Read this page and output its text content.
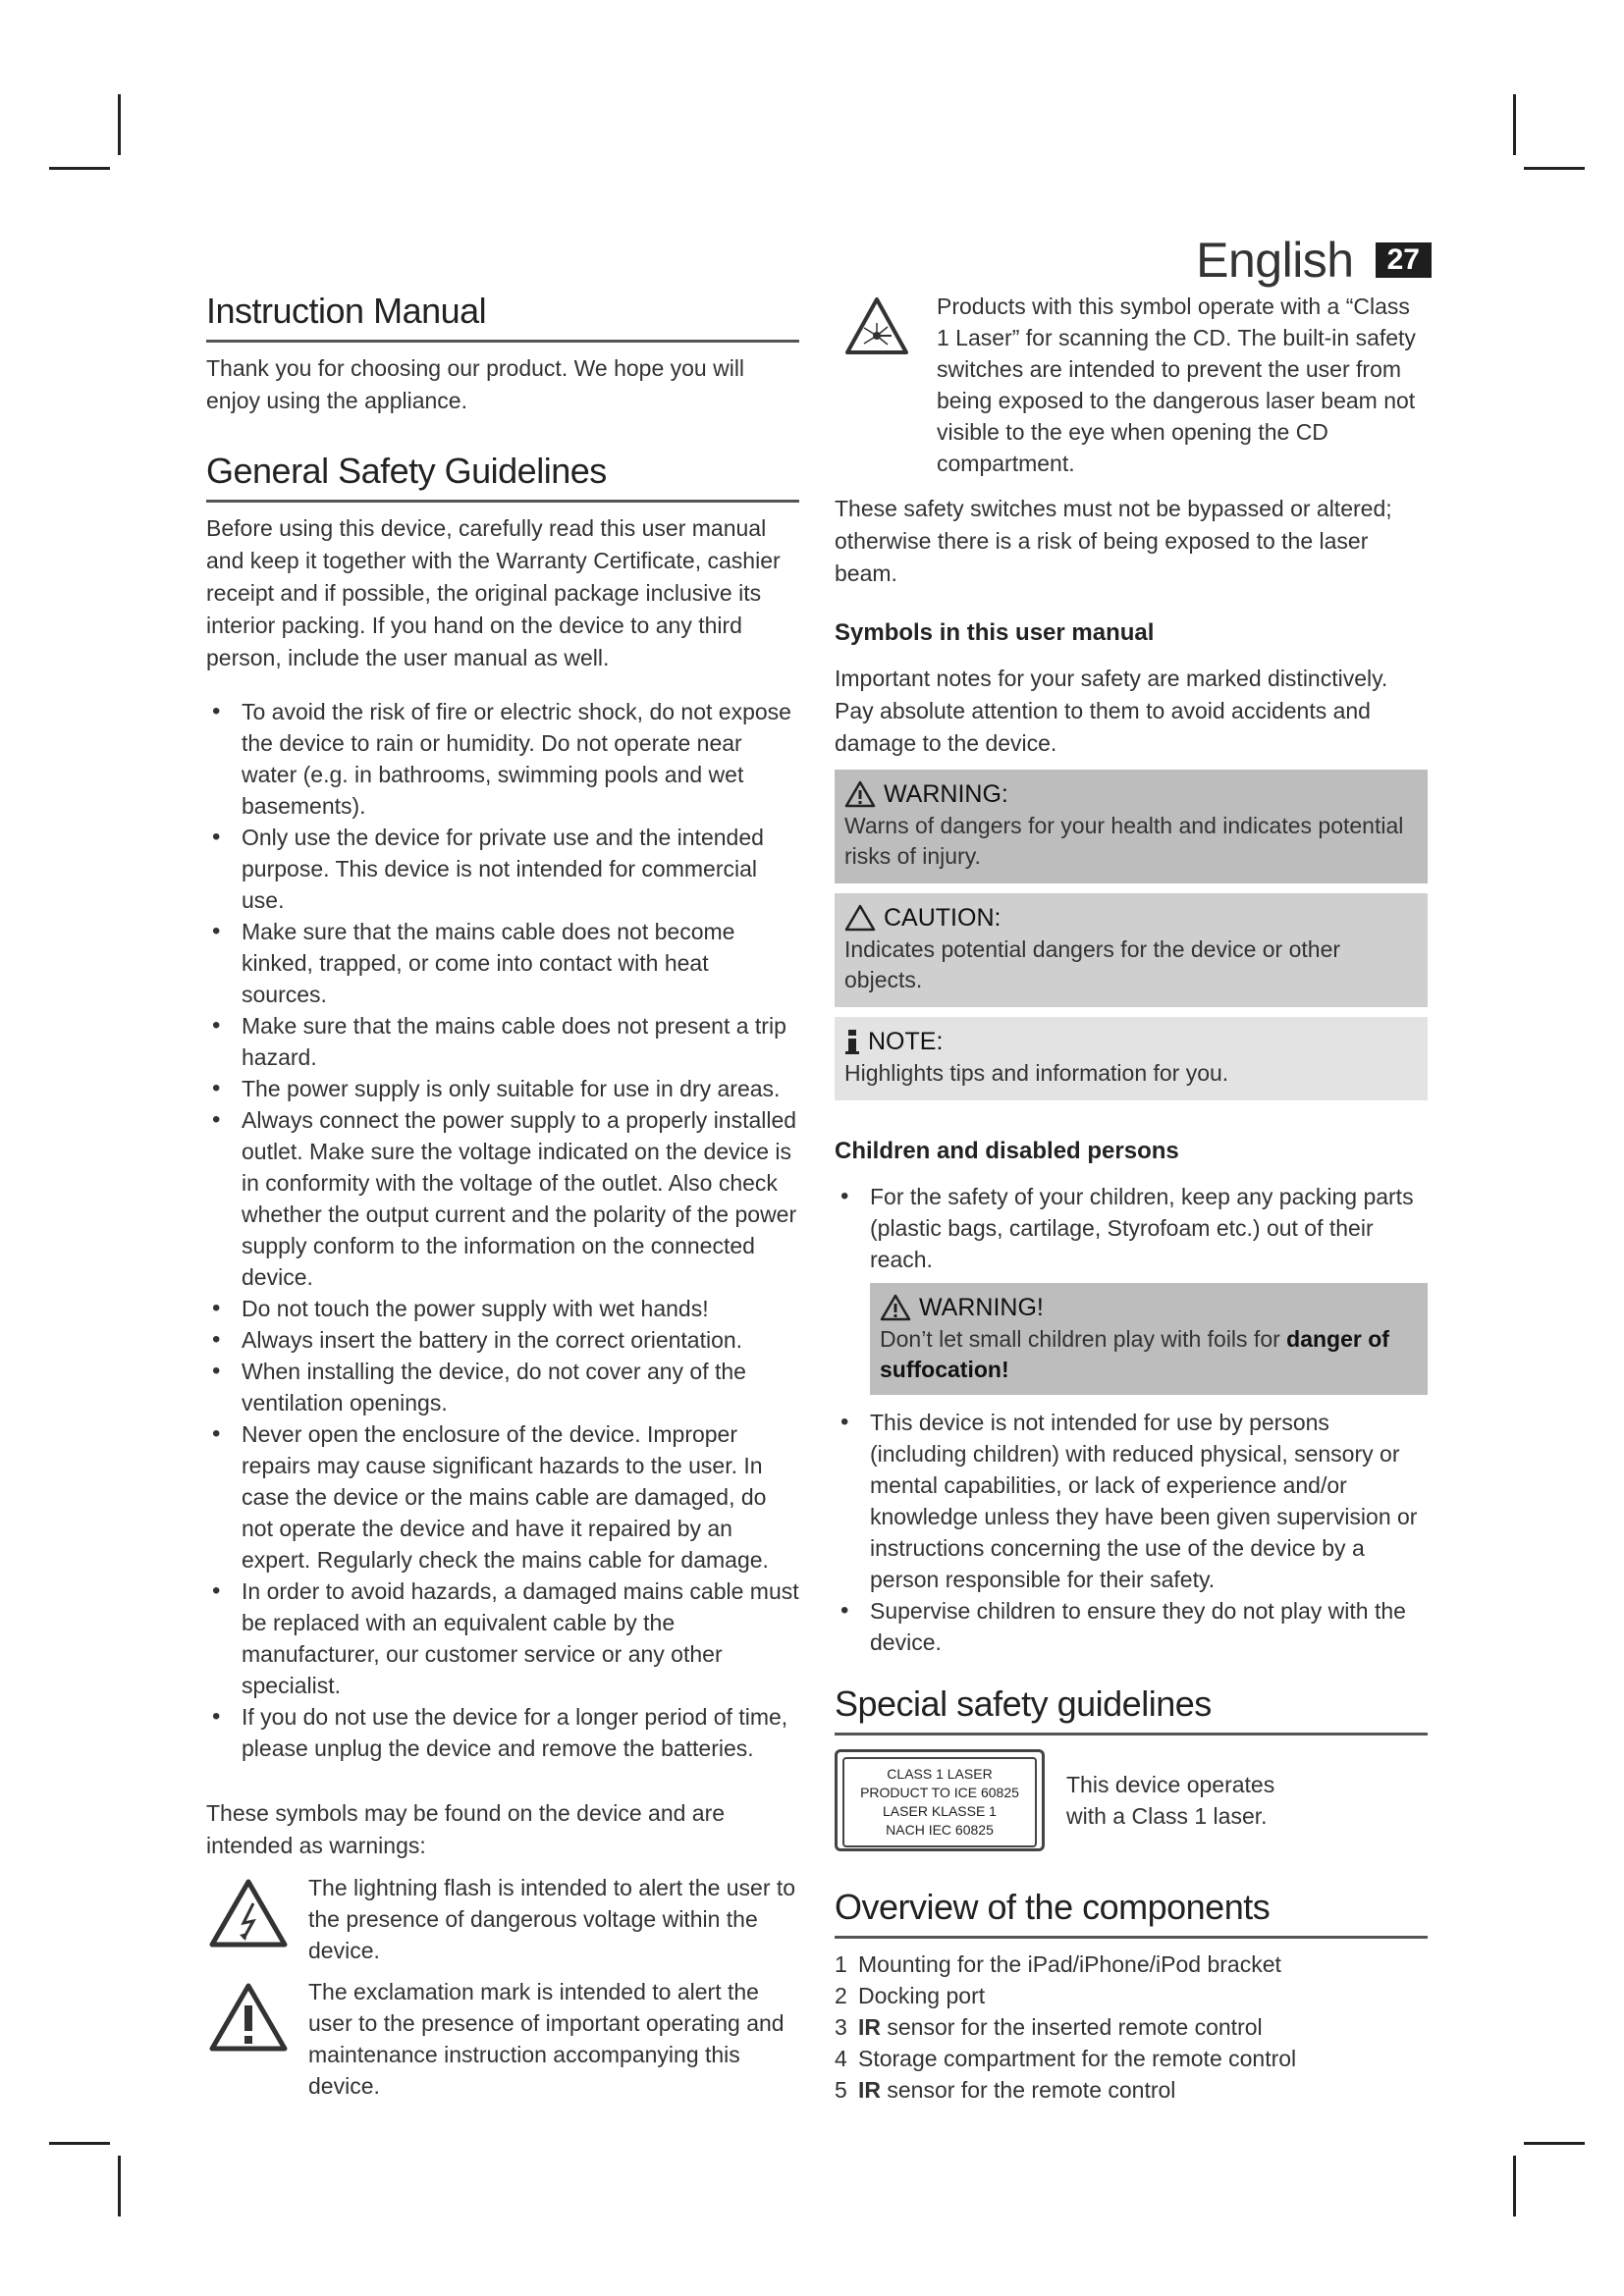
English	27
Instruction Manual

Thank you for choosing our product. We hope you will enjoy using the appliance.

General Safety Guidelines

Before using this device, carefully read this user manual and keep it together with the Warranty Certificate, cashier receipt and if possible, the original package inclusive its interior packing. If you hand on the device to any third person, include the user manual as well.

• To avoid the risk of fire or electric shock, do not expose the device to rain or humidity. Do not operate near water (e.g. in bathrooms, swimming pools and wet basements).
• Only use the device for private use and the intended purpose. This device is not intended for commercial use.
• Make sure that the mains cable does not become kinked, trapped, or come into contact with heat sources.
• Make sure that the mains cable does not present a trip hazard.
• The power supply is only suitable for use in dry areas.
• Always connect the power supply to a properly installed outlet. Make sure the voltage indicated on the device is in conformity with the voltage of the outlet. Also check whether the output current and the polarity of the power supply conform to the information on the connected device.
• Do not touch the power supply with wet hands!
• Always insert the battery in the correct orientation.
• When installing the device, do not cover any of the ventilation openings.
• Never open the enclosure of the device. Improper repairs may cause significant hazards to the user. In case the device or the mains cable are damaged, do not operate the device and have it repaired by an expert. Regularly check the mains cable for damage.
• In order to avoid hazards, a damaged mains cable must be replaced with an equivalent cable by the manufacturer, our customer service or any other specialist.
• If you do not use the device for a longer period of time, please unplug the device and remove the batteries.

These symbols may be found on the device and are intended as warnings:

The lightning flash is intended to alert the user to the presence of dangerous voltage within the device.
The exclamation mark is intended to alert the user to the presence of important operating and maintenance instruction accompanying this device.
Products with this symbol operate with a “Class 1 Laser” for scanning the CD. The built-in safety switches are intended to prevent the user from being exposed to the dangerous laser beam not visible to the eye when opening the CD compartment.

These safety switches must not be bypassed or altered; otherwise there is a risk of being exposed to the laser beam.

Symbols in this user manual

Important notes for your safety are marked distinctively. Pay absolute attention to them to avoid accidents and damage to the device.

WARNING:
Warns of dangers for your health and indicates potential risks of injury.
CAUTION:
Indicates potential dangers for the device or other objects.
NOTE:
Highlights tips and information for you.
Children and disabled persons
• For the safety of your children, keep any packing parts (plastic bags, cartilage, Styrofoam etc.) out of their reach.
WARNING!
Don’t let small children play with foils for danger of suffocation!
• This device is not intended for use by persons (including children) with reduced physical, sensory or mental capabilities, or lack of experience and/or knowledge unless they have been given supervision or instructions concerning the use of the device by a person responsible for their safety.
• Supervise children to ensure they do not play with the device.
Special safety guidelines
CLASS 1 LASER
PRODUCT TO ICE 60825
LASER KLASSE 1
NACH IEC 60825
This device operates with a Class 1 laser.
Overview of the components
1 Mounting for the iPad/iPhone/iPod bracket
2 Docking port
3 IR sensor for the inserted remote control
4 Storage compartment for the remote control
5 IR sensor for the remote control
